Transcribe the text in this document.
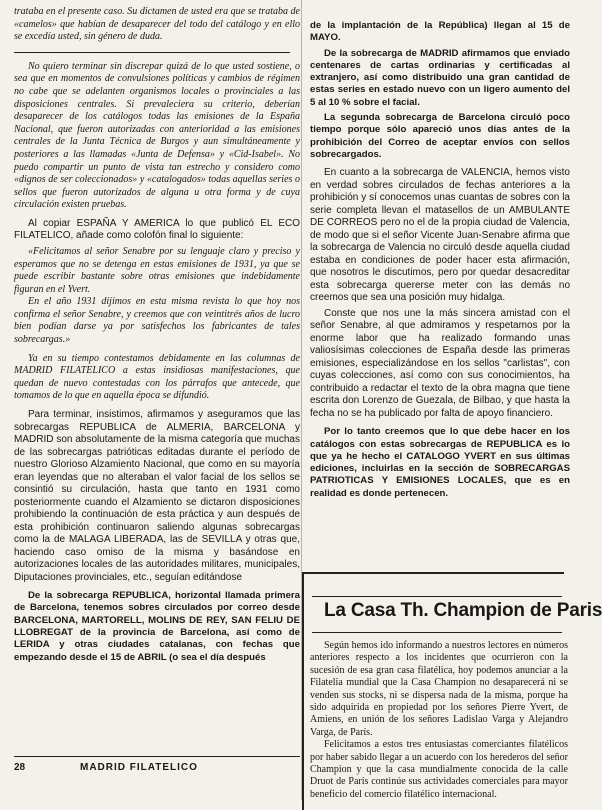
trataba en el presente caso. Su dictamen de usted era que se trataba de «camelos» que habían de desaparecer del todo del catálogo y en ello se excedía usted, sin género de duda.

No quiero terminar sin discrepar quizá de lo que usted sostiene, o sea que en momentos de convulsiones políticas y cambios de régimen no cabe que se adelanten organismos locales o provinciales a las disposiciones centrales. Si prevaleciera su criterio, deberían desaparecer de los catálogos todas las emisiones de la España Nacional, que fueron autorizadas con anterioridad a las emisiones centrales de la Junta Técnica de Burgos y aun simultáneamente y posteriores a las llamadas «Junta de Defensa» y «Cid-Isabel». No puedo compartir un punto de vista tan estrecho y considero como «dignos de ser coleccionados» y «catalogados» todas aquellas series o sellos que fueron autorizados de alguna u otra forma y de cuya circulación existen pruebas.

Al copiar ESPAÑA Y AMERICA lo que publicó EL ECO FILATELICO, añade como colofón final lo siguiente:

«Felicitamos al señor Senabre por su lenguaje claro y preciso y esperamos que no se detenga en estas emisiones de 1931, ya que se puede escribir bastante sobre otras emisiones que indebidamente figuran en el Yvert.

En el año 1931 dijimos en esta misma revista lo que hoy nos confirma el señor Senabre, y creemos que con veintitrés años de lucro bien podían darse ya por satisfechos los fabricantes de tales sobrecargas.»

Ya en su tiempo contestamos debidamente en las columnas de MADRID FILATELICO a estas insidiosas manifestaciones, que quedan de nuevo contestadas con los párrafos que antecede, que tomamos de lo que en aquella época se difundió.

Para terminar, insistimos, afirmamos y aseguramos que las sobrecargas REPUBLICA de ALMERIA, BARCELONA y MADRID son absolutamente de la misma categoría que muchas de las sobrecargas patrióticas editadas durante el período de nuestro Glorioso Alzamiento Nacional, que como en su mayoría eran leyendas que no alteraban el valor facial de los sellos se consintió su circulación, hasta que tanto en 1931 como posteriormente cuando el Alzamiento se dictaron disposiciones prohibiendo la continuación de esta práctica y aun después de esta prohibición continuaron saliendo algunas sobrecargas como la de MALAGA LIBERADA, las de SEVILLA y otras que, haciendo caso omiso de la misma y basándose en autorizaciones locales de las autoridades militares, municipales, Diputaciones provinciales, etc., seguían editándose

De la sobrecarga REPUBLICA, horizontal llamada primera de Barcelona, tenemos sobres circulados por correo desde BARCELONA, MARTORELL, MOLINS DE REY, SAN FELIU DE LLOBREGAT de la provincia de Barcelona, así como de LERIDA y otras ciudades catalanas, con fechas que empezando desde el 15 de ABRIL (o sea el día después

de la implantación de la República) llegan al 15 de MAYO.

De la sobrecarga de MADRID afirmamos que enviado centenares de cartas ordinarias y certificadas al extranjero, así como distribuido una gran cantidad de estas series en estado nuevo con un ligero aumento del 5 al 10 % sobre el facial.

La segunda sobrecarga de Barcelona circuló poco tiempo porque sólo apareció unos días antes de la prohibición del Correo de aceptar envíos con sellos sobrecargados.

En cuanto a la sobrecarga de VALENCIA, hemos visto en verdad sobres circulados de fechas anteriores a la prohibición y sí conocemos unas cuantas de sobres con la serie completa llevan el matasellos de un AMBULANTE DE CORREOS pero no el de la propia ciudad de Valencia, de modo que si el señor Vicente Juan-Senabre afirma que la sobrecarga de Valencia no circuló desde aquella ciudad estaba en condiciones de poder hacer esta afirmación, que nosotros le discutimos, pero por quedar desacreditar esta sobrecarga quererse meter con las demás no creemos que sea una posición muy hidalga.

Conste que nos une la más sincera amistad con el señor Senabre, al que admiramos y respetamos por la enorme labor que ha realizado formando unas valiosísimas colecciones de España desde las primeras emisiones, especializándose en los sellos "carlistas", con cuyas colecciones, así como con sus conocimientos, ha contribuido a redactar el texto de la obra magna que tiene escrita don Lorenzo de Guezala, de Bilbao, y que hasta la fecha no se ha publicado por falta de apoyo financiero.

Por lo tanto creemos que lo que debe hacer en los catálogos con estas sobrecargas de REPUBLICA es lo que ya he hecho el CATALOGO YVERT en sus últimas ediciones, incluirlas en la sección de SOBRECARGAS PATRIOTICAS Y EMISIONES LOCALES, que es en realidad es donde pertenecen.

La Casa Th. Champion de Paris

Según hemos ido informando a nuestros lectores en números anteriores respecto a los incidentes que ocurrieron con la sucesión de esa gran casa filatélica, hoy podemos anunciar a la Filatelia mundial que la Casa Champion no desaparecerá ni se venden sus stocks, ni se dispersa nada de la misma, porque ha sido adquirida en propiedad por los señores Pierre Yvert, de Amiens, en unión de los señores Ladislao Varga y Alejandro Varga, de París.

Felicitamos a estos tres entusiastas comerciantes filatélicos por haber sabido llegar a un acuerdo con los herederos del señor Champion y que la casa mundialmente conocida de la calle Druot de París continúe sus actividades comerciales para mayor beneficio del comercio filatélico internacional.

28	MADRID FILATELICO
